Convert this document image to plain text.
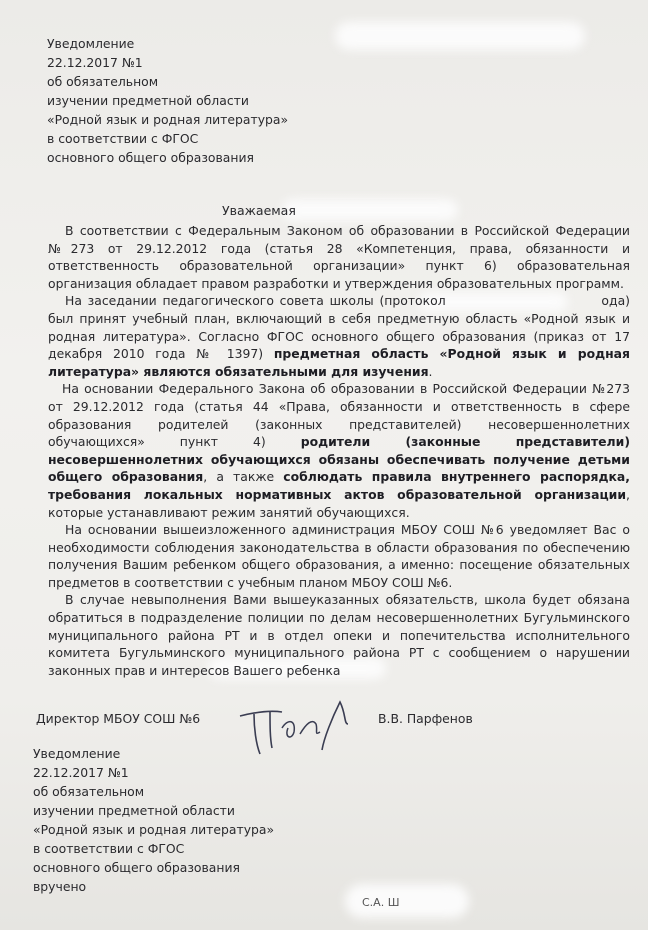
Уведомление
22.12.2017 №1
об обязательном
изучении предметной области
«Родной язык и родная литература»
в соответствии с ФГОС
основного общего образования
Уважаемая

В соответствии с Федеральным Законом об образовании в Российской Федерации №273 от 29.12.2012 года (статья 28 «Компетенция, права, обязанности и ответственность образовательной организации» пункт 6) образовательная организация обладает правом разработки и утверждения образовательных программ.

На заседании педагогического совета школы (протокол	ода) был принят учебный план, включающий в себя предметную область «Родной язык и родная литература». Согласно ФГОС основного общего образования (приказ от 17 декабря 2010 года № 1397) предметная область «Родной язык и родная литература» являются обязательными для изучения.

На основании Федерального Закона об образовании в Российской Федерации №273 от 29.12.2012 года (статья 44 «Права, обязанности и ответственность в сфере образования родителей (законных представителей) несовершеннолетних обучающихся» пункт 4)	родители (законные представители) несовершеннолетних обучающихся обязаны обеспечивать получение детьми общего образования, а также соблюдать правила внутреннего распорядка, требования локальных нормативных актов образовательной организации, которые устанавливают режим занятий обучающихся.

На основании вышеизложенного администрация МБОУ СОШ №6 уведомляет Вас о необходимости соблюдения законодательства в области образования по обеспечению получения Вашим ребенком общего образования, а именно: посещение обязательных предметов в соответствии с учебным планом МБОУ СОШ №6.

В случае невыполнения Вами вышеуказанных обязательств, школа будет обязана обратиться в подразделение полиции по делам несовершеннолетних Бугульминского муниципального района РТ и в отдел опеки и попечительства исполнительного комитета Бугульминского муниципального района РТ с сообщением о нарушении законных прав и интересов Вашего ребенка

Директор МБОУ СОШ №6	В.В. Парфенов
Уведомление
22.12.2017 №1
об обязательном
изучении предметной области
«Родной язык и родная литература»
в соответствии с ФГОС
основного общего образования
вручено
С.А. Ш
